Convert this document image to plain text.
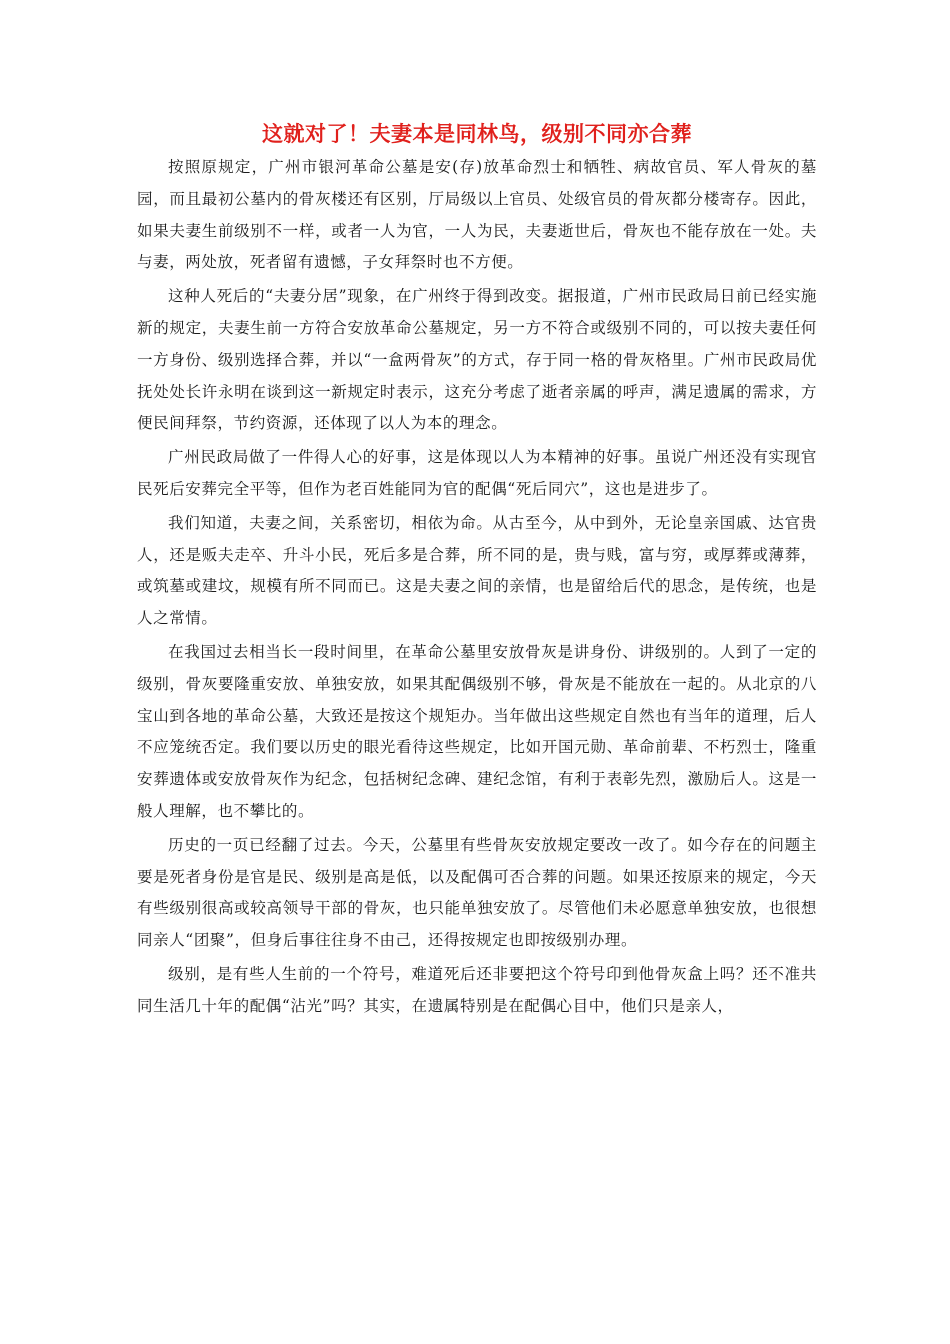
这就对了！夫妻本是同林鸟，级别不同亦合葬

按照原规定，广州市银河革命公墓是安(存)放革命烈士和牺牲、病故官员、军人骨灰的墓园，而且最初公墓内的骨灰楼还有区别，厅局级以上官员、处级官员的骨灰都分楼寄存。因此，如果夫妻生前级别不一样，或者一人为官，一人为民，夫妻逝世后，骨灰也不能存放在一处。夫与妻，两处放，死者留有遗憾，子女拜祭时也不方便。

这种人死后的“夫妻分居”现象，在广州终于得到改变。据报道，广州市民政局日前已经实施新的规定，夫妻生前一方符合安放革命公墓规定，另一方不符合或级别不同的，可以按夫妻任何一方身份、级别选择合葬，并以“一盒两骨灰”的方式，存于同一格的骨灰格里。广州市民政局优抚处处长许永明在谈到这一新规定时表示，这充分考虑了逝者亲属的呼声，满足遗属的需求，方便民间拜祭，节约资源，还体现了以人为本的理念。

广州民政局做了一件得人心的好事，这是体现以人为本精神的好事。虽说广州还没有实现官民死后安葬完全平等，但作为老百姓能同为官的配偶“死后同穴”，这也是进步了。

我们知道，夫妻之间，关系密切，相依为命。从古至今，从中到外，无论皇亲国戚、达官贵人，还是贩夫走卒、升斗小民，死后多是合葬，所不同的是，贵与贱，富与穷，或厚葬或薄葬，或筑墓或建坟，规模有所不同而已。这是夫妻之间的亲情，也是留给后代的思念，是传统，也是人之常情。

在我国过去相当长一段时间里，在革命公墓里安放骨灰是讲身份、讲级别的。人到了一定的级别，骨灰要隆重安放、单独安放，如果其配偶级别不够，骨灰是不能放在一起的。从北京的八宝山到各地的革命公墓，大致还是按这个规矩办。当年做出这些规定自然也有当年的道理，后人不应笼统否定。我们要以历史的眼光看待这些规定，比如开国元勋、革命前辈、不朽烈士，隆重安葬遗体或安放骨灰作为纪念，包括树纪念碑、建纪念馆，有利于表彰先烈，激励后人。这是一般人理解，也不攀比的。

历史的一页已经翻了过去。今天，公墓里有些骨灰安放规定要改一改了。如今存在的问题主要是死者身份是官是民、级别是高是低，以及配偶可否合葬的问题。如果还按原来的规定，今天有些级别很高或较高领导干部的骨灰，也只能单独安放了。尽管他们未必愿意单独安放，也很想同亲人“团聚”，但身后事往往身不由己，还得按规定也即按级别办理。

级别，是有些人生前的一个符号，难道死后还非要把这个符号印到他骨灰盒上吗？还不准共同生活几十年的配偶“沾光”吗？其实，在遗属特别是在配偶心目中，他们只是亲人，
